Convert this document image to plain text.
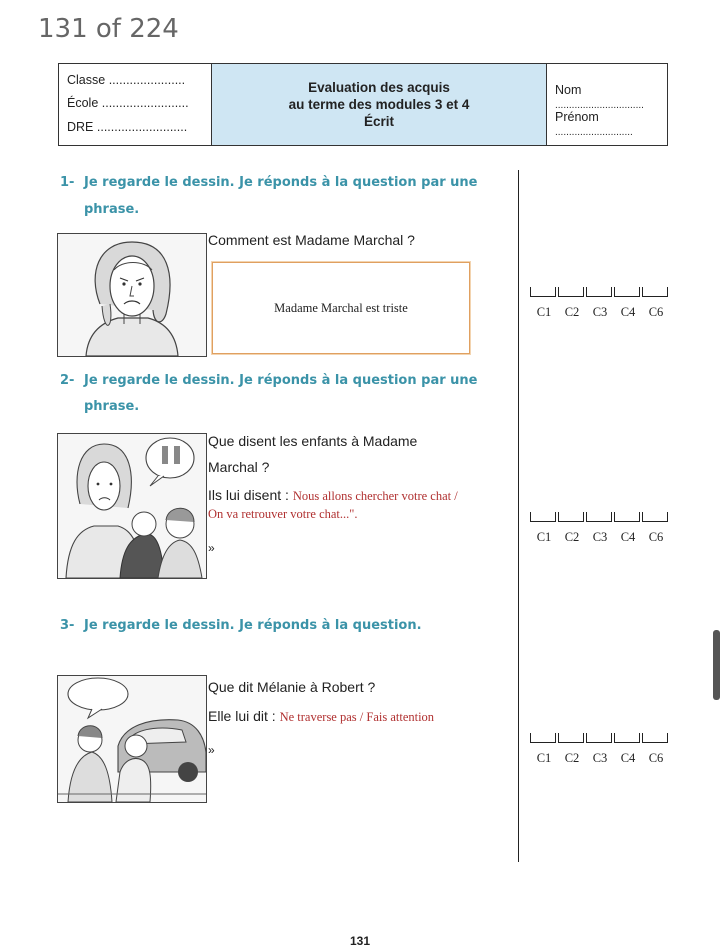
131 of 224
Classe ......................
École .........................
DRE ..........................
Evaluation des acquis
au terme des modules 3 et 4
Écrit
Nom ................................
Prénom ............................
1- Je regarde le dessin. Je réponds à la question par une
phrase.
Comment est Madame Marchal ?
Madame Marchal est triste	C1	C2	C3	C4	C6
2- Je regarde le dessin. Je réponds à la question par une
phrase.
Que disent les enfants à Madame
Marchal ?
Ils lui disent : Nous allons chercher votre chat /
On va retrouver votre chat...".
»
C1	C2	C3	C4	C6
3- Je regarde le dessin. Je réponds à la question.
Que dit Mélanie à Robert ?
Elle lui dit : Ne traverse pas / Fais attention
»
C1	C2	C3	C4	C6
131
